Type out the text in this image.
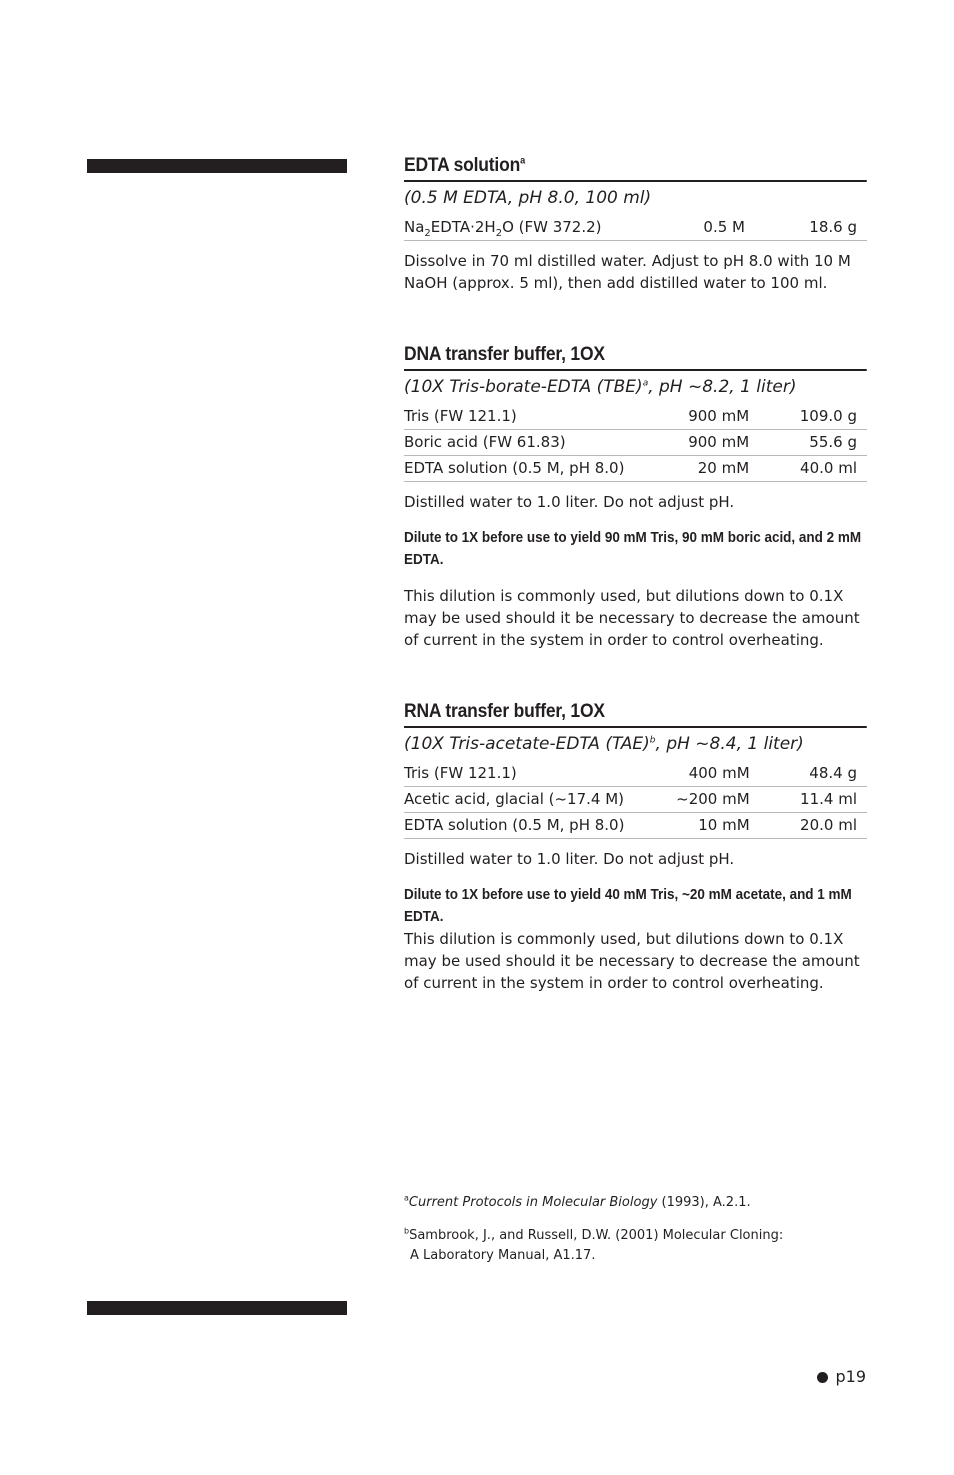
EDTA solution$^a$
(0.5 M EDTA, pH 8.0, 100 ml)
$Na_2EDTA\cdot 2H_2O$ (FW 372.2)	0.5 M	18.6 g

Dissolve in 70 ml distilled water. Adjust to pH 8.0 with 10 M NaOH (approx. 5 ml), then add distilled water to 100 ml.

DNA transfer buffer, 1OX
(10X Tris-borate-EDTA (TBE)$^a$, pH ~8.2, 1 liter)
Tris (FW 121.1)	900 mM	109.0 g
Boric acid (FW 61.83)	900 mM	55.6 g
EDTA solution (0.5 M, pH 8.0)	20 mM	40.0 ml

Distilled water to 1.0 liter. Do not adjust pH.

Dilute to 1X before use to yield 90 mM Tris, 90 mM boric acid, and 2 mM EDTA.

This dilution is commonly used, but dilutions down to 0.1X may be used should it be necessary to decrease the amount of current in the system in order to control overheating.

RNA transfer buffer, 1OX
(10X Tris-acetate-EDTA (TAE)$^b$, pH ~8.4, 1 liter)
Tris (FW 121.1)	400 mM	48.4 g
Acetic acid, glacial (~17.4 M)	~200 mM	11.4 ml
EDTA solution (0.5 M, pH 8.0)	10 mM	20.0 ml

Distilled water to 1.0 liter. Do not adjust pH.

Dilute to 1X before use to yield 40 mM Tris, ~20 mM acetate, and 1 mM EDTA.

This dilution is commonly used, but dilutions down to 0.1X may be used should it be necessary to decrease the amount of current in the system in order to control overheating.

$^a$Current Protocols in Molecular Biology (1993), A.2.1.
$^b$Sambrook, J., and Russell, D.W. (2001) Molecular Cloning:
A Laboratory Manual, A1.17.
p19
